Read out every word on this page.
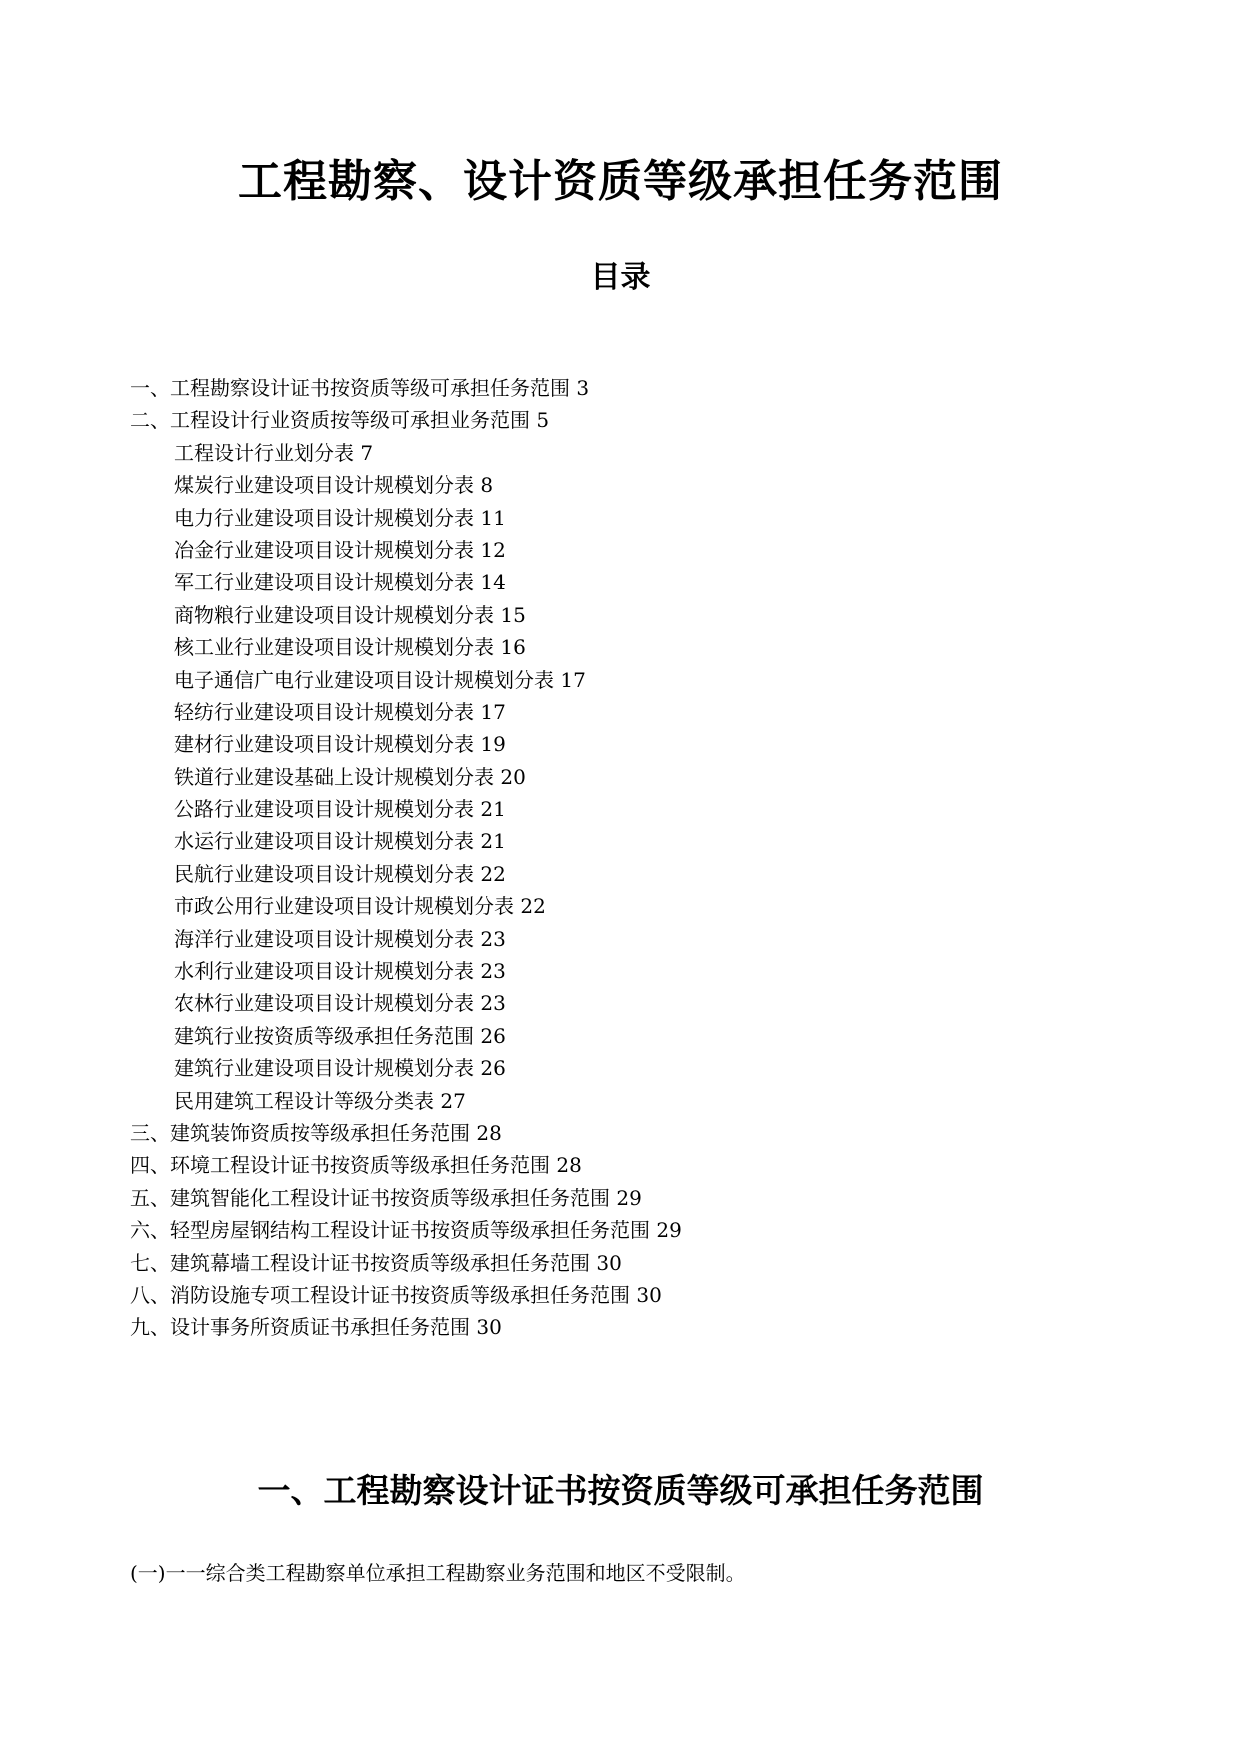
工程勘察、设计资质等级承担任务范围
目录
一、工程勘察设计证书按资质等级可承担任务范围 3
二、工程设计行业资质按等级可承担业务范围 5
工程设计行业划分表 7
煤炭行业建设项目设计规模划分表 8
电力行业建设项目设计规模划分表 11
冶金行业建设项目设计规模划分表 12
军工行业建设项目设计规模划分表 14
商物粮行业建设项目设计规模划分表 15
核工业行业建设项目设计规模划分表 16
电子通信广电行业建设项目设计规模划分表 17
轻纺行业建设项目设计规模划分表 17
建材行业建设项目设计规模划分表 19
铁道行业建设基础上设计规模划分表 20
公路行业建设项目设计规模划分表 21
水运行业建设项目设计规模划分表 21
民航行业建设项目设计规模划分表 22
市政公用行业建设项目设计规模划分表 22
海洋行业建设项目设计规模划分表 23
水利行业建设项目设计规模划分表 23
农林行业建设项目设计规模划分表 23
建筑行业按资质等级承担任务范围 26
建筑行业建设项目设计规模划分表 26
民用建筑工程设计等级分类表 27
三、建筑装饰资质按等级承担任务范围 28
四、环境工程设计证书按资质等级承担任务范围 28
五、建筑智能化工程设计证书按资质等级承担任务范围 29
六、轻型房屋钢结构工程设计证书按资质等级承担任务范围 29
七、建筑幕墙工程设计证书按资质等级承担任务范围 30
八、消防设施专项工程设计证书按资质等级承担任务范围 30
九、设计事务所资质证书承担任务范围 30
一、工程勘察设计证书按资质等级可承担任务范围

(一)一一综合类工程勘察单位承担工程勘察业务范围和地区不受限制。
